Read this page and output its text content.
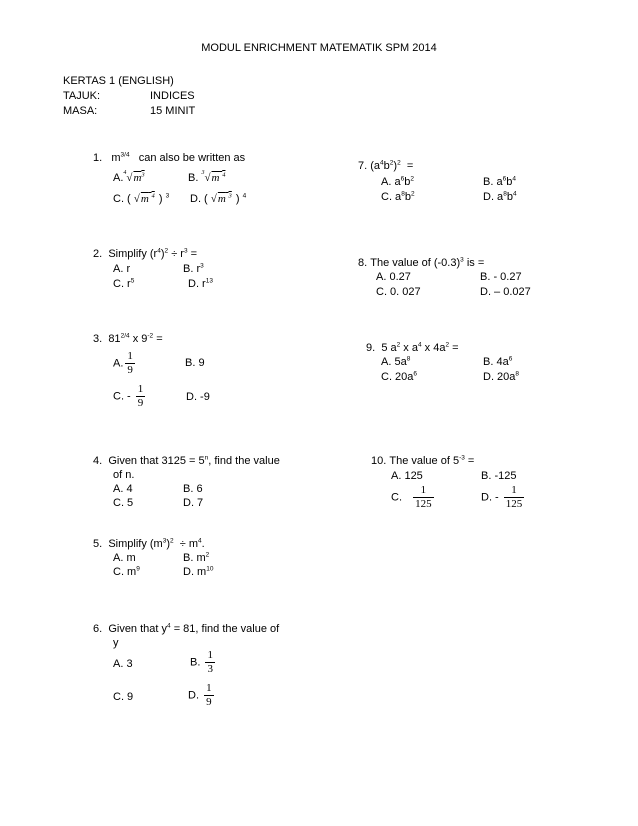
MODUL ENRICHMENT MATEMATIK SPM 2014
KERTAS 1 (ENGLISH)
TAJUK:	INDICES
MASA:	15 MINIT
1. $m^{3/4}$ can also be written as
$A.^4√m^3$	B. $^3$√m $^4$
C. ( √m $^4$ ) $^3$ D. ( √m $^3$ ) $^4$
7. $(a^4b^2)^2$ =
A. $a^6b^2$	B. $a^6b^4$
C. $a^8b^2$	D. $a^8b^4$
2. Simplify $(r^4)^2 \div r^3$ =
A. r	B. $r^3$
C. $r^5$	D. $r^{13}$
8. The value of $(-0.3)^3$ is =
A. 0.27	B. - 0.27
C. 0. 027	D. – 0.027
3. $81^{2/4}$ x $9^{-2}$ =
A. $\frac{1}{9}$	B. 9
C. - $\frac{1}{9}$	D. -9
9. 5 $a^2$ x $a^4$ x $4a^2$ =
A. $5a^8$	B. $4a^6$
C. $20a^6$	D. $20a^8$
4. Given that $3125 = 5^n$, find the value
of n.
A. 4	B. 6
C. 5	D. 7
10. The value of $5^{-3}$ =
A. 125	B. -125
C. $\frac{1}{125}$	D. - $\frac{1}{125}$
5. Simplify $(m^3)^2 \div m^4$.
A. m	B. $m^2$
C. $m^9$	D. $m^{10}$
6. Given that $y^4 = 81$, find the value of
y
A. 3	B. $\frac{1}{3}$
C. 9	D. $\frac{1}{9}$
